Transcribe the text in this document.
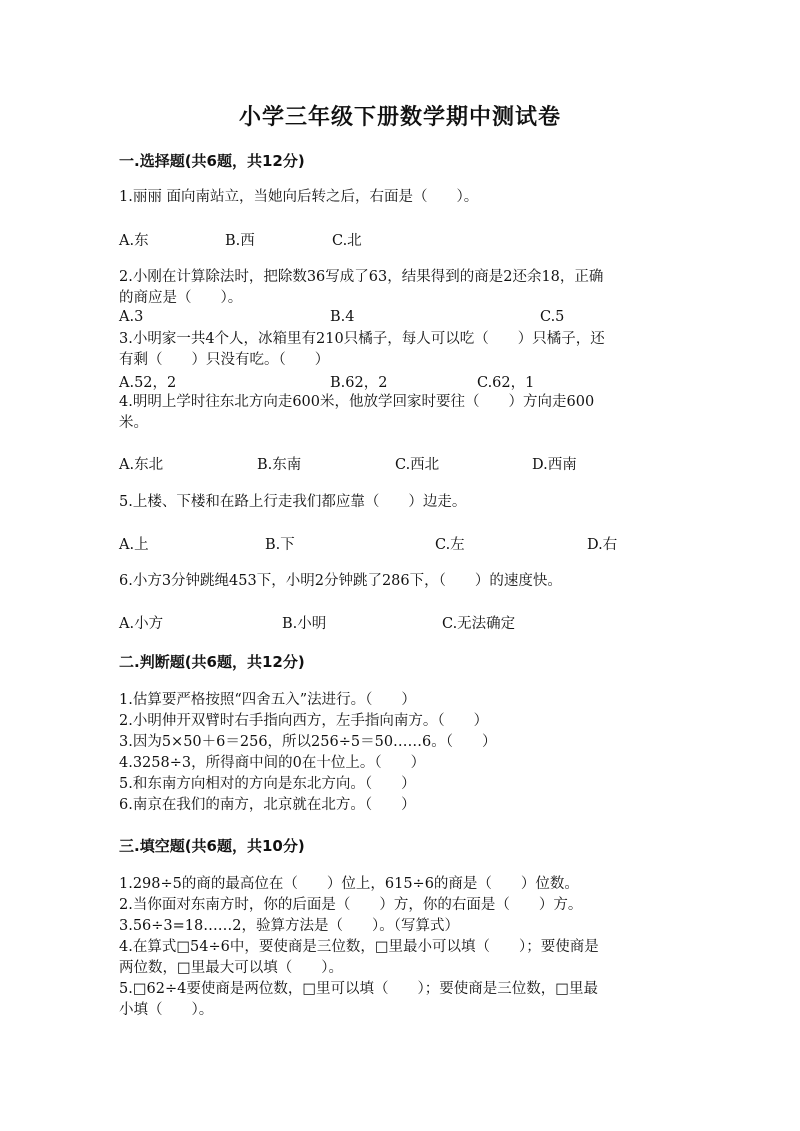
小学三年级下册数学期中测试卷
一.选择题(共6题，共12分)
1.丽丽 面向南站立，当她向后转之后，右面是（　　）。
A.东	B.西	C.北
2.小刚在计算除法时，把除数36写成了63，结果得到的商是2还余18，正确
的商应是（　　）。
A.3	B.4	C.5
3.小明家一共4个人，冰箱里有210只橘子，每人可以吃（　　）只橘子，还
有剩（　　）只没有吃。（　　）
A.52，2	B.62，2	C.62，1
4.明明上学时往东北方向走600米，他放学回家时要往（　　）方向走600
米。
A.东北	B.东南	C.西北	D.西南
5.上楼、下楼和在路上行走我们都应靠（　　）边走。
A.上	B.下	C.左	D.右
6.小方3分钟跳绳453下，小明2分钟跳了286下，（　　）的速度快。
A.小方	B.小明	C.无法确定
二.判断题(共6题，共12分)
1.估算要严格按照“四舍五入”法进行。（　　）
2.小明伸开双臂时右手指向西方，左手指向南方。（　　）
3.因为5×50＋6＝256，所以256÷5＝50……6。（　　）
4.3258÷3，所得商中间的0在十位上。（　　）
5.和东南方向相对的方向是东北方向。（　　）
6.南京在我们的南方，北京就在北方。（　　）
三.填空题(共6题，共10分)
1.298÷5的商的最高位在（　　）位上，615÷6的商是（　　）位数。
2.当你面对东南方时，你的后面是（　　）方，你的右面是（　　）方。
3.56÷3=18……2，验算方法是（　　）。（写算式）
4.在算式□54÷6中，要使商是三位数，□里最小可以填（　　）；要使商是
两位数，□里最大可以填（　　）。
5.□62÷4要使商是两位数，□里可以填（　　）；要使商是三位数，□里最
小填（　　）。
